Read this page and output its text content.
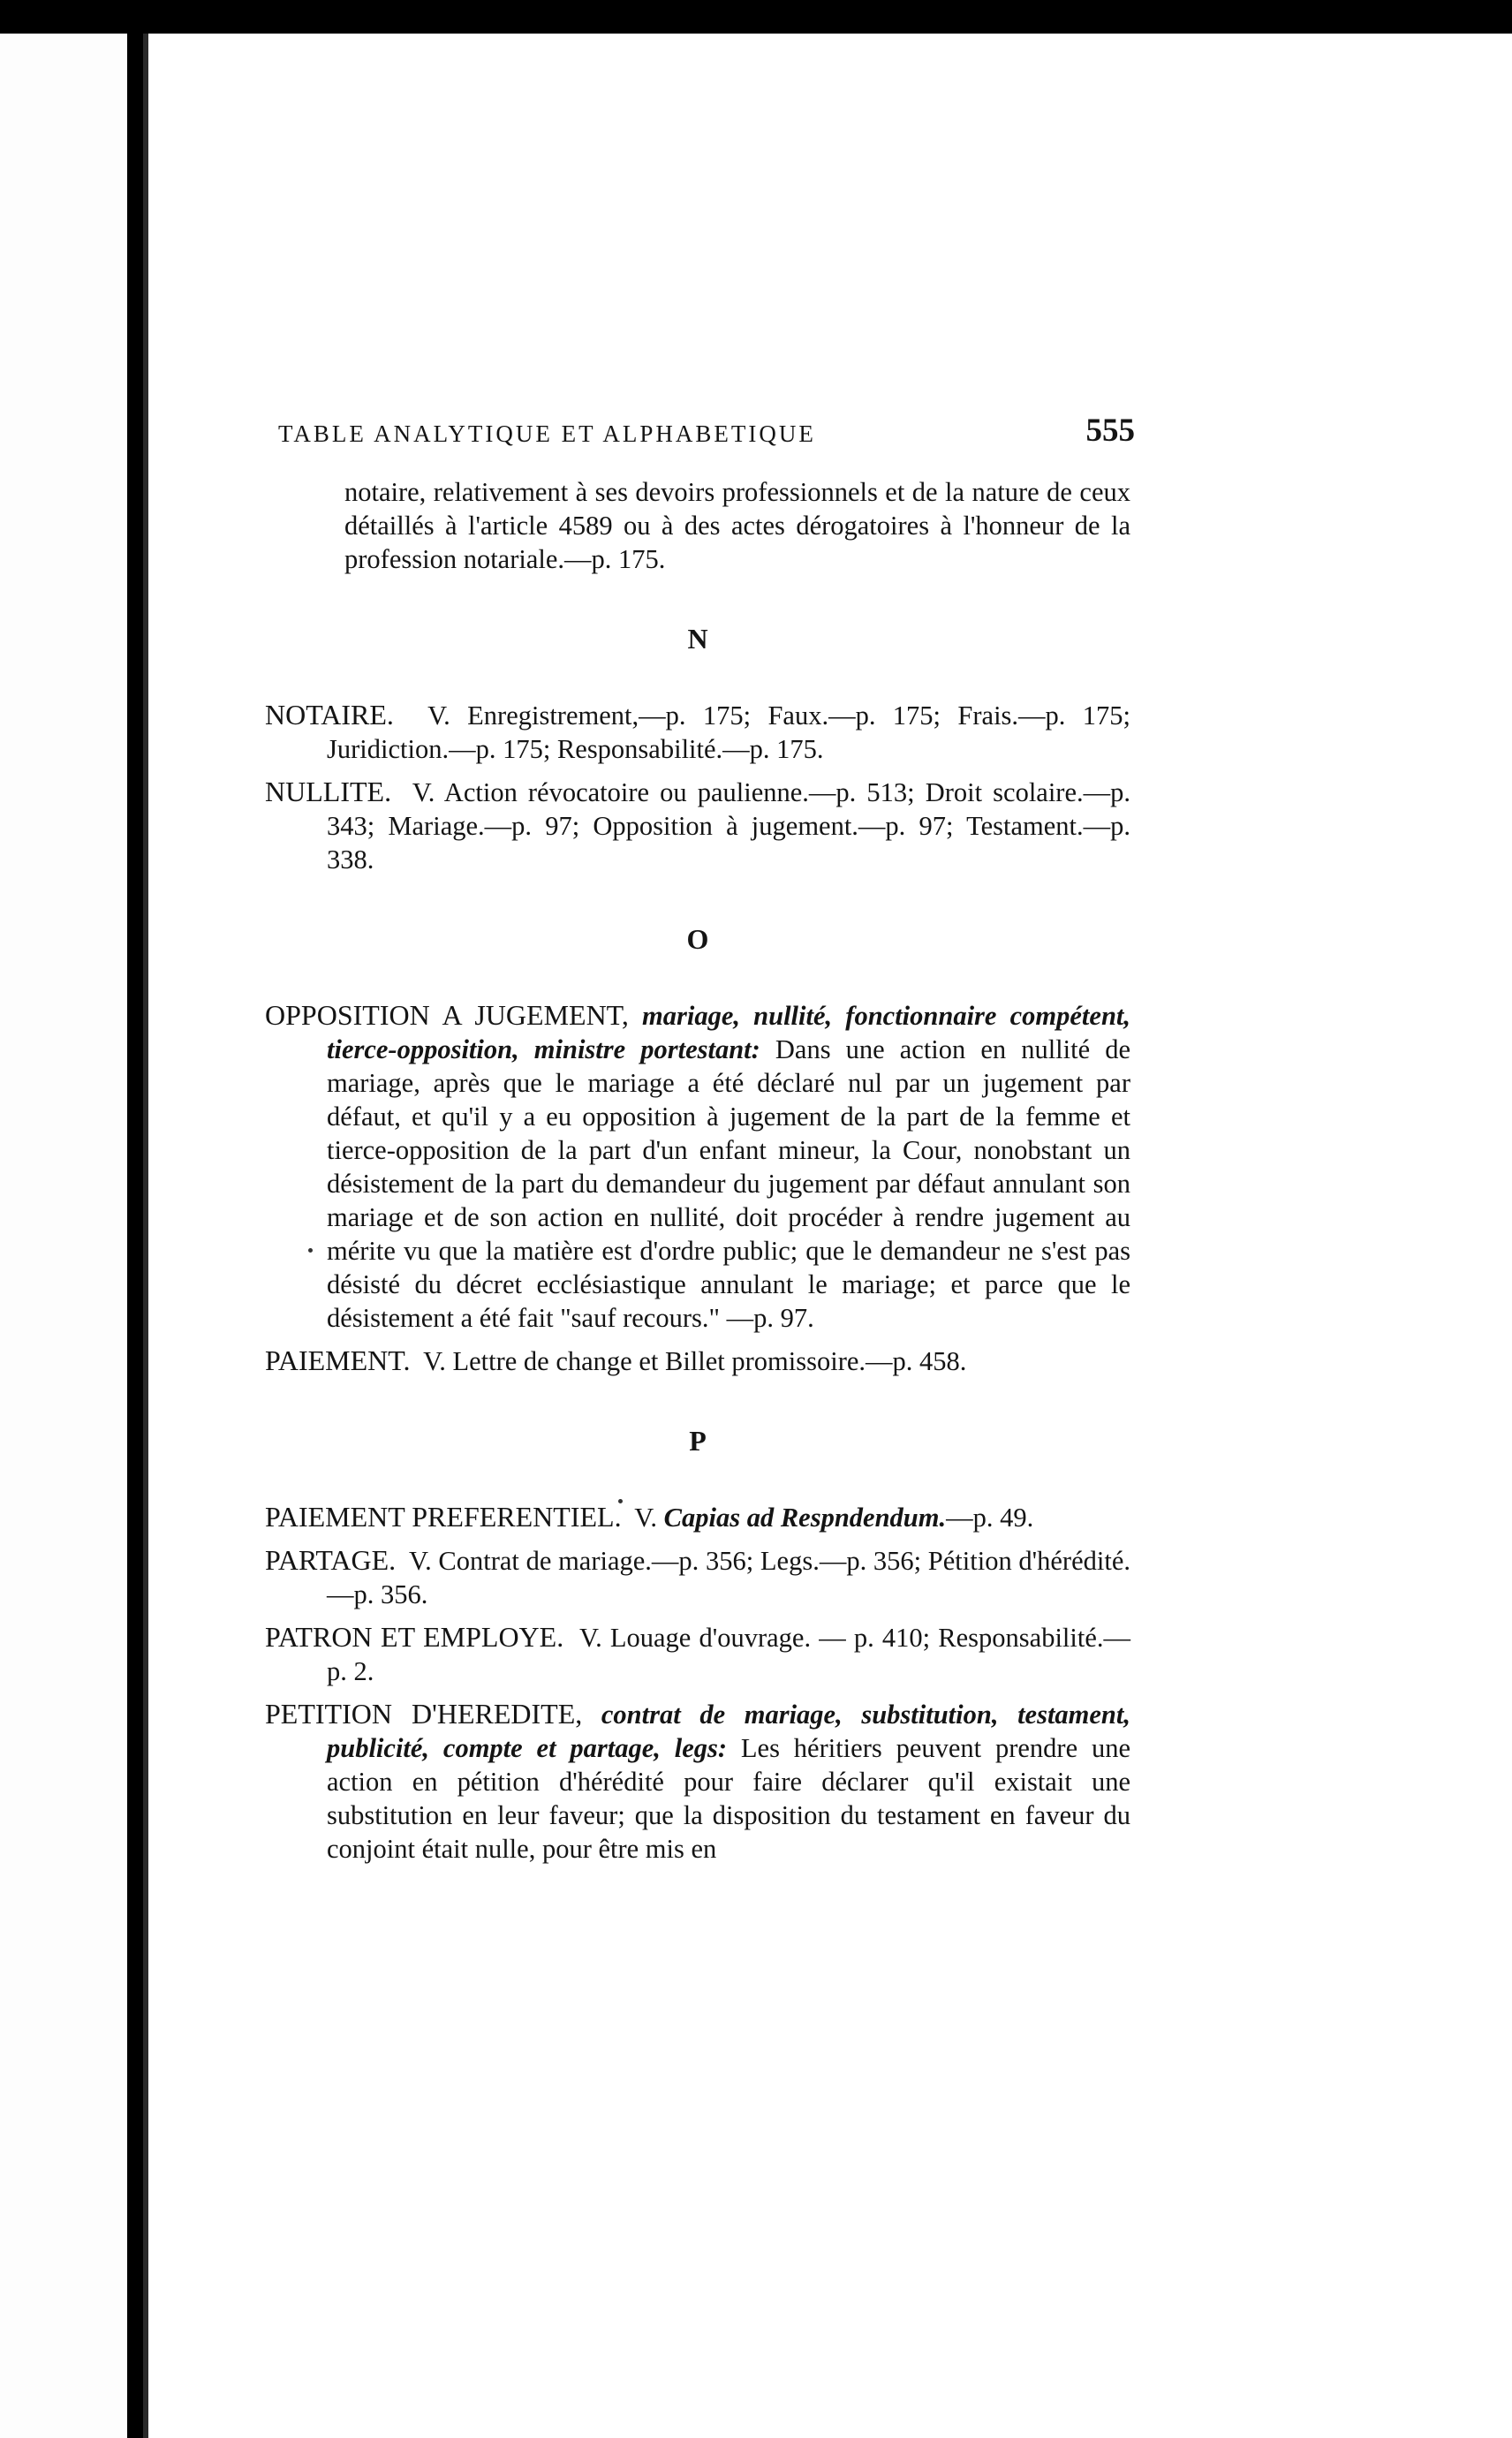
TABLE ANALYTIQUE ET ALPHABETIQUE	555

notaire, relativement à ses devoirs professionnels et de la nature de ceux détaillés à l'article 4589 ou à des actes dérogatoires à l'honneur de la profession notariale.—p. 175.

N

NOTAIRE. V. Enregistrement,—p. 175; Faux.—p. 175; Frais.—p. 175; Juridiction.—p. 175; Responsabilité.—p. 175.

NULLITE. V. Action révocatoire ou paulienne.—p. 513; Droit scolaire.—p. 343; Mariage.—p. 97; Opposition à jugement.—p. 97; Testament.—p. 338.

O

OPPOSITION A JUGEMENT, mariage, nullité, fonctionnaire compétent, tierce-opposition, ministre portestant: Dans une action en nullité de mariage, après que le mariage a été déclaré nul par un jugement par défaut, et qu'il y a eu opposition à jugement de la part de la femme et tierce-opposition de la part d'un enfant mineur, la Cour, nonobstant un désistement de la part du demandeur du jugement par défaut annulant son mariage et de son action en nullité, doit procéder à rendre jugement au mérite vu que la matière est d'ordre public; que le demandeur ne s'est pas désisté du décret ecclésiastique annulant le mariage; et parce que le désistement a été fait "sauf recours." —p. 97.

PAIEMENT. V. Lettre de change et Billet promissoire.—p. 458.

P

PAIEMENT PREFERENTIEL. V. Capias ad Respndendum.—p. 49.

PARTAGE. V. Contrat de mariage.—p. 356; Legs.—p. 356; Pétition d'hérédité.—p. 356.

PATRON ET EMPLOYE. V. Louage d'ouvrage. — p. 410; Responsabilité.—p. 2.

PETITION D'HEREDITE, contrat de mariage, substitution, testament, publicité, compte et partage, legs: Les héritiers peuvent prendre une action en pétition d'hérédité pour faire déclarer qu'il existait une substitution en leur faveur; que la disposition du testament en faveur du conjoint était nulle, pour être mis en
